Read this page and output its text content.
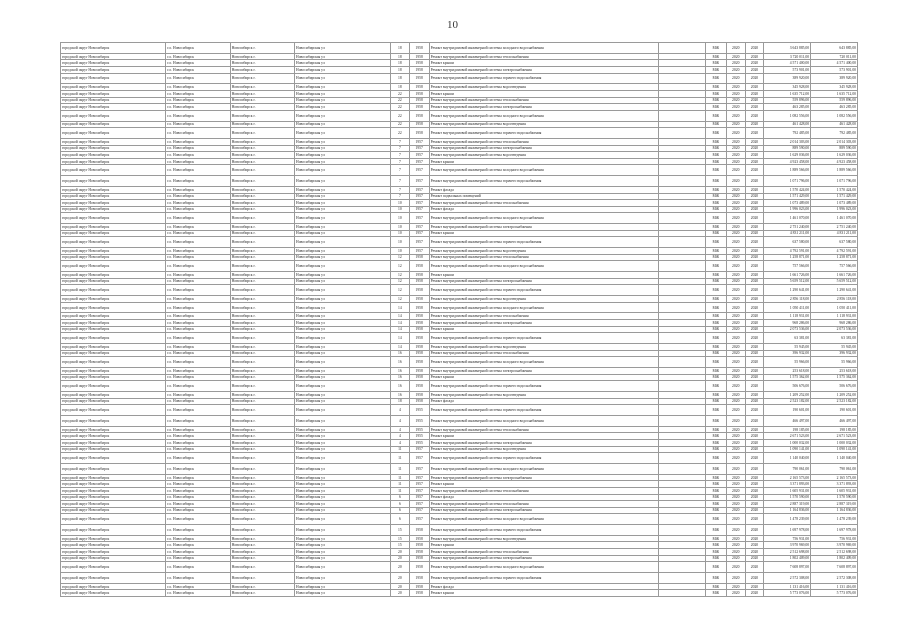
10
городской округ Новосибирск	г.о. Новосибирск	Новосибирск г.	Новосибирская ул	18	1958	Ремонт внутридомовой инженерной системы холодного водоснабжения		МЖ	2020	2020	3 643 885,00	643 885,00
городской округ Новосибирск	г.о. Новосибирск	Новосибирск г.	Новосибирская ул	18	1958	Ремонт внутридомовой инженерной системы теплоснабжения		МЖ	2020	2020	3 720 011,00	720 011,00
городской округ Новосибирск	г.о. Новосибирск	Новосибирск г.	Новосибирская ул	18	1958	Ремонт крыши		МЖ	2020	2020	4 571 400,00	4 571 400,00
городской округ Новосибирск	г.о. Новосибирск	Новосибирск г.	Новосибирская ул	18	1958	Ремонт внутридомовой инженерной системы электроснабжения		МЖ	2020	2020	573 901,00	573 901,00
городской округ Новосибирск	г.о. Новосибирск	Новосибирск г.	Новосибирская ул	18	1958	Ремонт внутридомовой инженерной системы горячего водоснабжения		МЖ	2020	2020	389 920,00	389 920,00
городской округ Новосибирск	г.о. Новосибирск	Новосибирск г.	Новосибирская ул	18	1958	Ремонт внутридомовой инженерной системы водоотведения		МЖ	2020	2020	345 928,00	345 928,00
городской округ Новосибирск	г.о. Новосибирск	Новосибирск г.	Новосибирская ул	22	1958	Ремонт крыши		МЖ	2020	2020	1 635 712,00	1 635 712,00
городской округ Новосибирск	г.о. Новосибирск	Новосибирск г.	Новосибирская ул	22	1958	Ремонт внутридомовой инженерной системы теплоснабжения		МЖ	2020	2020	559 896,00	559 896,00
городской округ Новосибирск	г.о. Новосибирск	Новосибирск г.	Новосибирская ул	22	1958	Ремонт внутридомовой инженерной системы электроснабжения		МЖ	2020	2020	463 285,00	463 285,00
городской округ Новосибирск	г.о. Новосибирск	Новосибирск г.	Новосибирская ул	22	1958	Ремонт внутридомовой инженерной системы холодного водоснабжения		МЖ	2020	2020	1 082 556,00	1 082 556,00
городской округ Новосибирск	г.о. Новосибирск	Новосибирск г.	Новосибирская ул	22	1958	Ремонт внутридомовой инженерной системы водоотведения		МЖ	2020	2020	461 428,00	461 428,00
городской округ Новосибирск	г.о. Новосибирск	Новосибирск г.	Новосибирская ул	22	1958	Ремонт внутридомовой инженерной системы горячего водоснабжения		МЖ	2020	2020	792 485,00	792 485,00
городской округ Новосибирск	г.о. Новосибирск	Новосибирск г.	Новосибирская ул	7	1957	Ремонт внутридомовой инженерной системы теплоснабжения		МЖ	2020	2020	2 014 303,00	2 014 303,00
городской округ Новосибирск	г.о. Новосибирск	Новосибирск г.	Новосибирская ул	7	1957	Ремонт внутридомовой инженерной системы электроснабжения		МЖ	2020	2020	889 590,00	889 590,00
городской округ Новосибирск	г.о. Новосибирск	Новосибирск г.	Новосибирская ул	7	1957	Ремонт внутридомовой инженерной системы водоотведения		МЖ	2020	2020	1 629 036,00	1 629 036,00
городской округ Новосибирск	г.о. Новосибирск	Новосибирск г.	Новосибирская ул	7	1957	Ремонт крыши		МЖ	2020	2020	4 923 458,00	4 923 458,00
городской округ Новосибирск	г.о. Новосибирск	Новосибирск г.	Новосибирская ул	7	1957	Ремонт внутридомовой инженерной системы холодного водоснабжения		МЖ	2020	2020	1 889 566,00	1 889 566,00
городской округ Новосибирск	г.о. Новосибирск	Новосибирск г.	Новосибирская ул	7	1957	Ремонт внутридомовой инженерной системы горячего водоснабжения		МЖ	2020	2020	1 071 796,00	1 071 796,00
городской округ Новосибирск	г.о. Новосибирск	Новосибирск г.	Новосибирская ул	7	1957	Ремонт фасада		МЖ	2020	2020	1 570 424,00	1 570 424,00
городской округ Новосибирск	г.о. Новосибирск	Новосибирск г.	Новосибирская ул	7	1957	Ремонт подвальных помещений		МЖ	2020	2020	1 571 429,00	1 571 429,00
городской округ Новосибирск	г.о. Новосибирск	Новосибирск г.	Новосибирская ул	10	1957	Ремонт внутридомовой инженерной системы теплоснабжения		МЖ	2020	2020	1 073 489,00	1 073 489,00
городской округ Новосибирск	г.о. Новосибирск	Новосибирск г.	Новосибирская ул	10	1957	Ремонт фасада		МЖ	2020	2020	1 996 023,00	1 996 023,00
городской округ Новосибирск	г.о. Новосибирск	Новосибирск г.	Новосибирская ул	10	1957	Ремонт внутридомовой инженерной системы холодного водоснабжения		МЖ	2020	2020	1 461 070,00	1 461 070,00
городской округ Новосибирск	г.о. Новосибирск	Новосибирск г.	Новосибирская ул	10	1957	Ремонт внутридомовой инженерной системы электроснабжения		МЖ	2020	2020	2 751 240,00	2 751 240,00
городской округ Новосибирск	г.о. Новосибирск	Новосибирск г.	Новосибирская ул	10	1957	Ремонт крыши		МЖ	2020	2020	4 831 211,00	4 831 211,00
городской округ Новосибирск	г.о. Новосибирск	Новосибирск г.	Новосибирская ул	10	1957	Ремонт внутридомовой инженерной системы горячего водоснабжения		МЖ	2020	2020	637 580,00	637 580,00
городской округ Новосибирск	г.о. Новосибирск	Новосибирск г.	Новосибирская ул	10	1957	Ремонт внутридомовой инженерной системы водоотведения		МЖ	2020	2020	4 792 591,00	4 792 591,00
городской округ Новосибирск	г.о. Новосибирск	Новосибирск г.	Новосибирская ул	12	1958	Ремонт внутридомовой инженерной системы теплоснабжения		МЖ	2020	2020	1 258 871,00	1 258 871,00
городской округ Новосибирск	г.о. Новосибирск	Новосибирск г.	Новосибирская ул	12	1958	Ремонт внутридомовой инженерной системы холодного водоснабжения		МЖ	2020	2020	757 566,00	757 566,00
городской округ Новосибирск	г.о. Новосибирск	Новосибирск г.	Новосибирская ул	12	1958	Ремонт крыши		МЖ	2020	2020	1 661 726,00	1 661 726,00
городской округ Новосибирск	г.о. Новосибирск	Новосибирск г.	Новосибирская ул	12	1958	Ремонт внутридомовой инженерной системы электроснабжения		МЖ	2020	2020	5 659 512,00	5 659 512,00
городской округ Новосибирск	г.о. Новосибирск	Новосибирск г.	Новосибирская ул	12	1958	Ремонт внутридомовой инженерной системы горячего водоснабжения		МЖ	2020	2020	1 290 641,00	1 290 641,00
городской округ Новосибирск	г.о. Новосибирск	Новосибирск г.	Новосибирская ул	12	1958	Ремонт внутридомовой инженерной системы водоотведения		МЖ	2020	2020	2 856 118,00	2 856 118,00
городской округ Новосибирск	г.о. Новосибирск	Новосибирск г.	Новосибирская ул	14	1958	Ремонт внутридомовой инженерной системы холодного водоснабжения		МЖ	2020	2020	1 050 411,00	1 050 411,00
городской округ Новосибирск	г.о. Новосибирск	Новосибирск г.	Новосибирская ул	14	1958	Ремонт внутридомовой инженерной системы теплоснабжения		МЖ	2020	2020	1 118 931,00	1 118 931,00
городской округ Новосибирск	г.о. Новосибирск	Новосибирск г.	Новосибирская ул	14	1958	Ремонт внутридомовой инженерной системы электроснабжения		МЖ	2020	2020	968 286,00	968 286,00
городской округ Новосибирск	г.о. Новосибирск	Новосибирск г.	Новосибирская ул	14	1958	Ремонт крыши		МЖ	2020	2020	2 073 536,00	2 073 536,00
городской округ Новосибирск	г.о. Новосибирск	Новосибирск г.	Новосибирская ул	14	1958	Ремонт внутридомовой инженерной системы горячего водоснабжения		МЖ	2020	2020	63 381,00	63 381,00
городской округ Новосибирск	г.о. Новосибирск	Новосибирск г.	Новосибирская ул	14	1958	Ремонт внутридомовой инженерной системы водоотведения		МЖ	2020	2020	55 945,00	55 945,00
городской округ Новосибирск	г.о. Новосибирск	Новосибирск г.	Новосибирская ул	16	1958	Ремонт внутридомовой инженерной системы теплоснабжения		МЖ	2020	2020	396 932,00	396 932,00
городской округ Новосибирск	г.о. Новосибирск	Новосибирск г.	Новосибирская ул	16	1958	Ремонт внутридомовой инженерной системы холодного водоснабжения		МЖ	2020	2020	55 966,00	55 966,00
городской округ Новосибирск	г.о. Новосибирск	Новосибирск г.	Новосибирская ул	16	1958	Ремонт внутридомовой инженерной системы электроснабжения		МЖ	2020	2020	253 618,00	253 618,00
городской округ Новосибирск	г.о. Новосибирск	Новосибирск г.	Новосибирская ул	16	1958	Ремонт крыши		МЖ	2020	2020	1 575 362,00	1 575 362,00
городской округ Новосибирск	г.о. Новосибирск	Новосибирск г.	Новосибирская ул	16	1958	Ремонт внутридомовой инженерной системы горячего водоснабжения		МЖ	2020	2020	506 676,00	506 676,00
городской округ Новосибирск	г.о. Новосибирск	Новосибирск г.	Новосибирская ул	16	1958	Ремонт внутридомовой инженерной системы водоотведения		МЖ	2020	2020	1 209 252,00	1 209 252,00
городской округ Новосибирск	г.о. Новосибирск	Новосибирск г.	Новосибирская ул	18	1958	Ремонт фасада		МЖ	2020	2020	2 523 182,00	2 523 182,00
городской округ Новосибирск	г.о. Новосибирск	Новосибирск г.	Новосибирская ул	4	1955	Ремонт внутридомовой инженерной системы горячего водоснабжения		МЖ	2020	2020	190 601,00	190 601,00
городской округ Новосибирск	г.о. Новосибирск	Новосибирск г.	Новосибирская ул	4	1955	Ремонт внутридомовой инженерной системы холодного водоснабжения		МЖ	2020	2020	466 497,00	466 497,00
городской округ Новосибирск	г.о. Новосибирск	Новосибирск г.	Новосибирская ул	4	1955	Ремонт внутридомовой инженерной системы теплоснабжения		МЖ	2020	2020	198 185,00	198 185,00
городской округ Новосибирск	г.о. Новосибирск	Новосибирск г.	Новосибирская ул	4	1955	Ремонт крыши		МЖ	2020	2020	2 671 523,00	2 671 523,00
городской округ Новосибирск	г.о. Новосибирск	Новосибирск г.	Новосибирская ул	4	1955	Ремонт внутридомовой инженерной системы электроснабжения		МЖ	2020	2020	1 000 032,00	1 000 032,00
городской округ Новосибирск	г.о. Новосибирск	Новосибирск г.	Новосибирская ул	11	1957	Ремонт внутридомовой инженерной системы водоотведения		МЖ	2020	2020	1 090 141,00	1 090 141,00
городской округ Новосибирск	г.о. Новосибирск	Новосибирск г.	Новосибирская ул	11	1957	Ремонт внутридомовой инженерной системы горячего водоснабжения		МЖ	2020	2020	1 140 040,00	1 140 040,00
городской округ Новосибирск	г.о. Новосибирск	Новосибирск г.	Новосибирская ул	11	1957	Ремонт внутридомовой инженерной системы холодного водоснабжения		МЖ	2020	2020	790 061,00	790 061,00
городской округ Новосибирск	г.о. Новосибирск	Новосибирск г.	Новосибирская ул	11	1957	Ремонт внутридомовой инженерной системы электроснабжения		МЖ	2020	2020	2 165 573,00	2 165 573,00
городской округ Новосибирск	г.о. Новосибирск	Новосибирск г.	Новосибирская ул	11	1957	Ремонт крыши		МЖ	2020	2020	3 371 893,00	3 371 893,00
городской округ Новосибирск	г.о. Новосибирск	Новосибирск г.	Новосибирская ул	11	1957	Ремонт внутридомовой инженерной системы теплоснабжения		МЖ	2020	2020	1 605 931,00	1 605 931,00
городской округ Новосибирск	г.о. Новосибирск	Новосибирск г.	Новосибирская ул	6	1957	Ремонт фасада		МЖ	2020	2020	1 570 590,00	1 570 590,00
городской округ Новосибирск	г.о. Новосибирск	Новосибирск г.	Новосибирская ул	6	1957	Ремонт внутридомовой инженерной системы теплоснабжения		МЖ	2020	2020	2 887 319,00	2 887 319,00
городской округ Новосибирск	г.о. Новосибирск	Новосибирск г.	Новосибирская ул	6	1957	Ремонт внутридомовой инженерной системы электроснабжения		МЖ	2020	2020	1 164 836,00	1 164 836,00
городской округ Новосибирск	г.о. Новосибирск	Новосибирск г.	Новосибирская ул	6	1957	Ремонт внутридомовой инженерной системы холодного водоснабжения		МЖ	2020	2020	1 478 239,00	1 478 239,00
городской округ Новосибирск	г.о. Новосибирск	Новосибирск г.	Новосибирская ул	15	1958	Ремонт внутридомовой инженерной системы горячего водоснабжения		МЖ	2020	2020	1 697 978,00	1 697 978,00
городской округ Новосибирск	г.о. Новосибирск	Новосибирск г.	Новосибирская ул	15	1958	Ремонт внутридомовой инженерной системы водоотведения		МЖ	2020	2020	756 931,00	756 931,00
городской округ Новосибирск	г.о. Новосибирск	Новосибирск г.	Новосибирская ул	15	1958	Ремонт крыши		МЖ	2020	2020	3 970 969,00	3 970 969,00
городской округ Новосибирск	г.о. Новосибирск	Новосибирск г.	Новосибирская ул	20	1958	Ремонт внутридомовой инженерной системы теплоснабжения		МЖ	2020	2020	2 512 698,00	2 512 698,00
городской округ Новосибирск	г.о. Новосибирск	Новосибирск г.	Новосибирская ул	20	1958	Ремонт внутридомовой инженерной системы электроснабжения		МЖ	2020	2020	1 802 409,00	1 802 409,00
городской округ Новосибирск	г.о. Новосибирск	Новосибирск г.	Новосибирская ул	20	1958	Ремонт внутридомовой инженерной системы холодного водоснабжения		МЖ	2020	2020	7 608 897,00	7 608 897,00
городской округ Новосибирск	г.о. Новосибирск	Новосибирск г.	Новосибирская ул	20	1958	Ремонт внутридомовой инженерной системы горячего водоснабжения		МЖ	2020	2020	2 572 308,00	2 572 308,00
городской округ Новосибирск	г.о. Новосибирск	Новосибирск г.	Новосибирская ул	20	1958	Ремонт фасада		МЖ	2020	2020	1 131 416,00	1 131 416,00
городской округ Новосибирск	г.о. Новосибирск	Новосибирск г.	Новосибирская ул	20	1958	Ремонт крыши		МЖ	2020	2020	5 773 076,00	5 773 076,00
